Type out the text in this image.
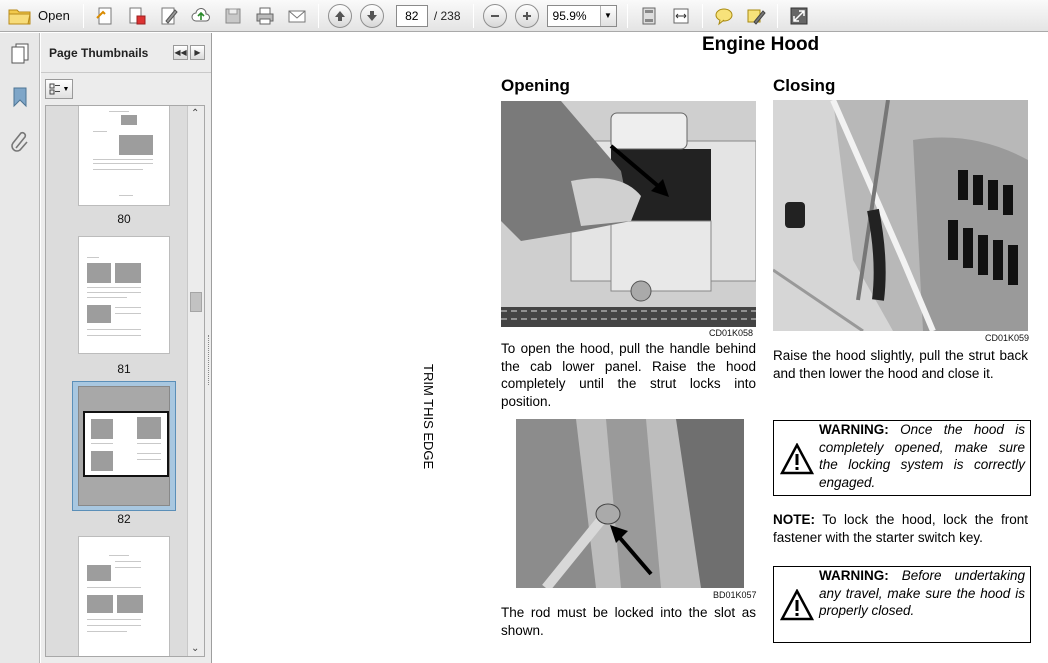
Open	82	/ 238	95.9%	▼
Page Thumbnails	◀◀ ▶
▼
80
81
82
⌃
⌄
TRIM THIS EDGE
Engine Hood
Opening
CD01K058
To open the hood, pull the handle behind the cab lower panel. Raise the hood completely until the strut locks into position.
BD01K057
The rod must be locked into the slot as shown.
Closing
CD01K059
Raise the hood slightly, pull the strut back and then lower the hood and close it.
WARNING: Once the hood is completely opened, make sure the locking system is correctly engaged.
NOTE: To lock the hood, lock the front fastener with the starter switch key.
WARNING: Before undertaking any travel, make sure the hood is properly closed.
